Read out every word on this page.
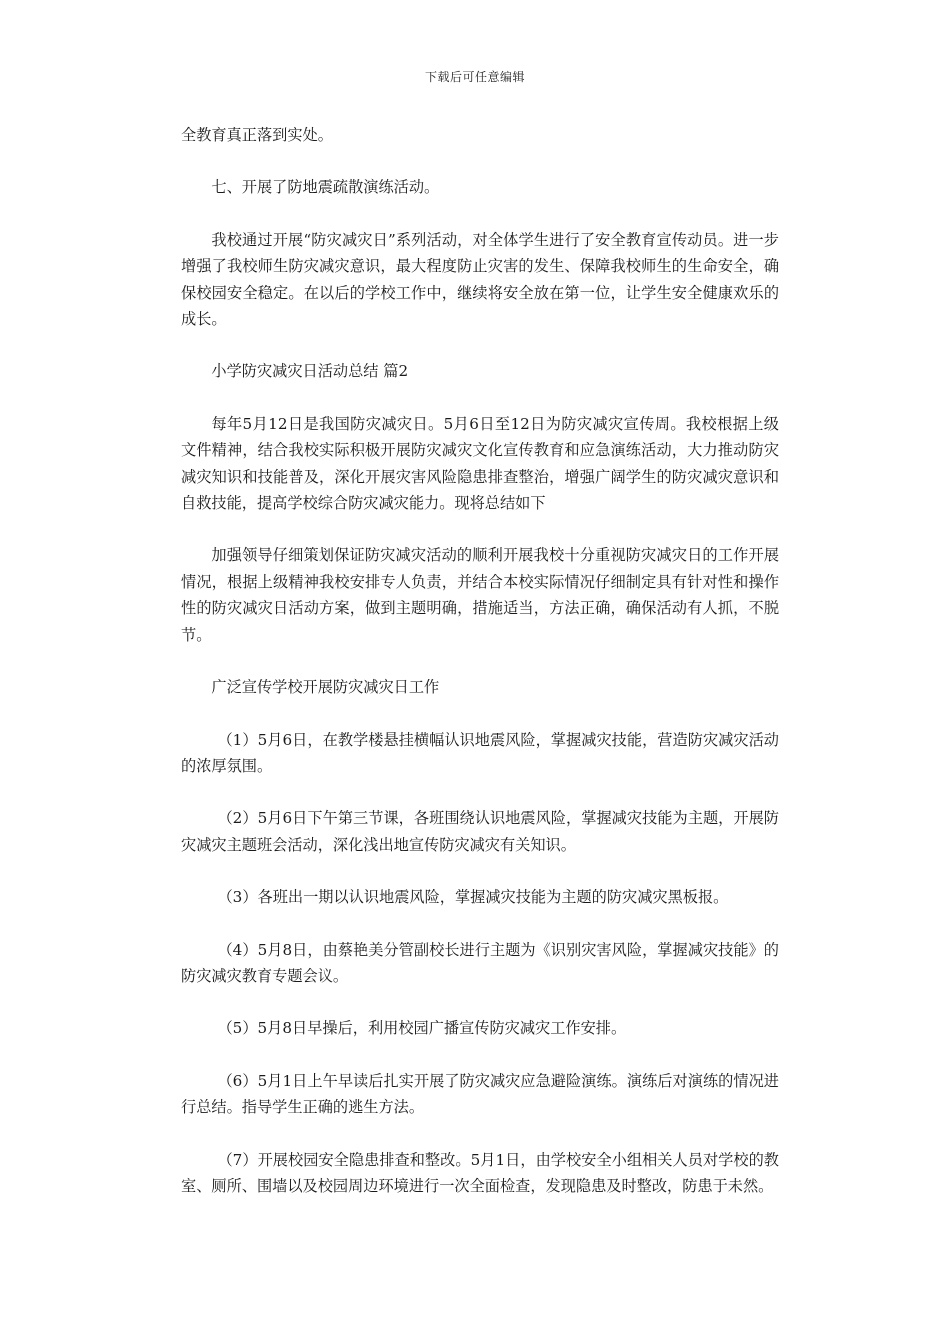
下载后可任意编辑

全教育真正落到实处。

七、开展了防地震疏散演练活动。

我校通过开展“防灾减灾日”系列活动，对全体学生进行了安全教育宣传动员。进一步增强了我校师生防灾减灾意识，最大程度防止灾害的发生、保障我校师生的生命安全，确保校园安全稳定。在以后的学校工作中，继续将安全放在第一位，让学生安全健康欢乐的成长。

小学防灾减灾日活动总结 篇2

每年5月12日是我国防灾减灾日。5月6日至12日为防灾减灾宣传周。我校根据上级文件精神，结合我校实际积极开展防灾减灾文化宣传教育和应急演练活动，大力推动防灾减灾知识和技能普及，深化开展灾害风险隐患排查整治，增强广阔学生的防灾减灾意识和自救技能，提高学校综合防灾减灾能力。现将总结如下

加强领导仔细策划保证防灾减灾活动的顺利开展我校十分重视防灾减灾日的工作开展情况，根据上级精神我校安排专人负责，并结合本校实际情况仔细制定具有针对性和操作性的防灾减灾日活动方案，做到主题明确，措施适当，方法正确，确保活动有人抓，不脱节。

广泛宣传学校开展防灾减灾日工作

（1）5月6日，在教学楼悬挂横幅认识地震风险，掌握减灾技能，营造防灾减灾活动的浓厚氛围。

（2）5月6日下午第三节课，各班围绕认识地震风险，掌握减灾技能为主题，开展防灾减灾主题班会活动，深化浅出地宣传防灾减灾有关知识。

（3）各班出一期以认识地震风险，掌握减灾技能为主题的防灾减灾黑板报。

（4）5月8日，由蔡艳美分管副校长进行主题为《识别灾害风险，掌握减灾技能》的防灾减灾教育专题会议。

（5）5月8日早操后，利用校园广播宣传防灾减灾工作安排。

（6）5月1日上午早读后扎实开展了防灾减灾应急避险演练。演练后对演练的情况进行总结。指导学生正确的逃生方法。

（7）开展校园安全隐患排查和整改。5月1日，由学校安全小组相关人员对学校的教室、厕所、围墙以及校园周边环境进行一次全面检查，发现隐患及时整改，防患于未然。
